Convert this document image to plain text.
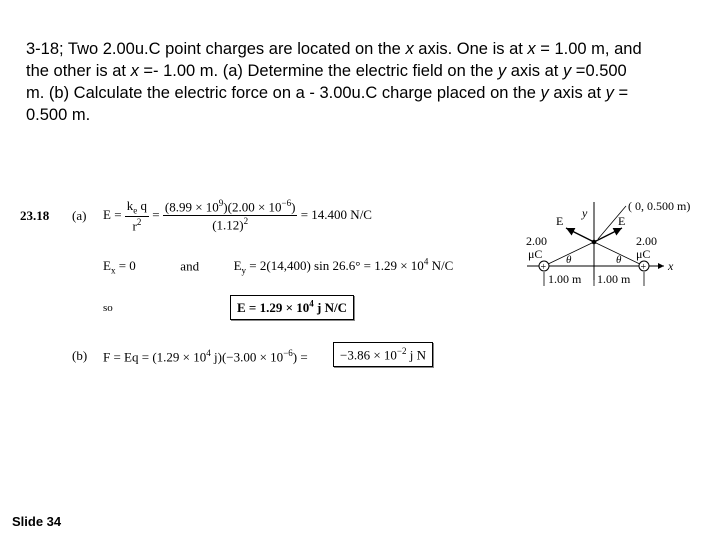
3-18; Two 2.00u.C point charges are located on the x axis. One is at x = 1.00 m, and the other is at x =- 1.00 m. (a) Determine the electric field on the y axis at y =0.500 m. (b) Calculate the electric force on a - 3.00u.C charge placed on the y axis at y = 0.500 m.
23.18 (a) $E = \frac{k_e q}{r^2} = \frac{(8.99 \times 10^9)(2.00 \times 10^{-6})}{(1.12)^2} = 14.400$ N/C
$E_x = 0$	and	$E_y = 2(14,400)$ $\sin 26.6^\circ = 1.29 \times 10^4$ N/C
so	$E = 1.29 \times 10^4$ j N/C
(b) $F = Eq = (1.29 \times 10^4$ $j)(-3.00 \times 10^{-6})$ =	$-3.86 \times 10^{-2}$ j N
x
y	( 0, 0.500 m)
E	E
+	+
2.00
μC
2.00
μC
θ	θ
1.00 m 1.00 m
Slide 34
